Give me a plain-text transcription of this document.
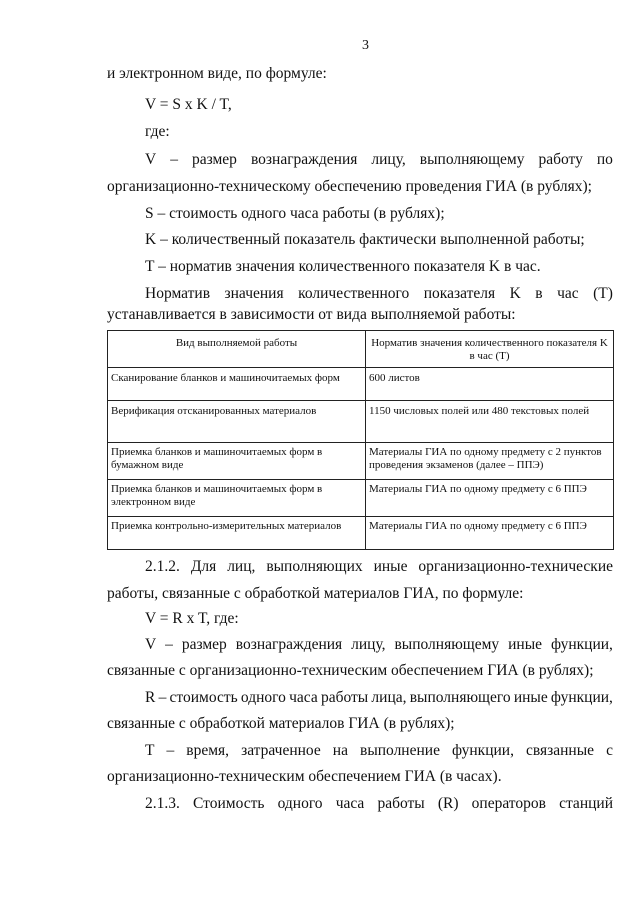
3

и электронном виде, по формуле:

V = S x K / T,

где:

V – размер вознаграждения лицу, выполняющему работу по

организационно-техническому обеспечению проведения ГИА (в рублях);

S – стоимость одного часа работы (в рублях);

K – количественный показатель фактически выполненной работы;

T – норматив значения количественного показателя K в час.

Норматив значения количественного показателя K в час (T)

устанавливается в зависимости от вида выполняемой работы:

Вид выполняемой работы	Норматив значения количественного показателя K в час (T)
Сканирование бланков и машиночитаемых форм	600 листов
Верификация отсканированных материалов	1150 числовых полей или 480 текстовых полей
Приемка бланков и машиночитаемых форм в бумажном виде	Материалы ГИА по одному предмету с 2 пунктов проведения экзаменов (далее – ППЭ)
Приемка бланков и машиночитаемых форм в электронном виде	Материалы ГИА по одному предмету с 6 ППЭ
Приемка контрольно-измерительных материалов	Материалы ГИА по одному предмету с 6 ППЭ
2.1.2. Для лиц, выполняющих иные организационно-технические

работы, связанные с обработкой материалов ГИА, по формуле:

V = R x T, где:

V – размер вознаграждения лицу, выполняющему иные функции,

связанные с организационно-техническим обеспечением ГИА (в рублях);

R – стоимость одного часа работы лица, выполняющего иные функции,

связанные с обработкой материалов ГИА (в рублях);

T – время, затраченное на выполнение функции, связанные с

организационно-техническим обеспечением ГИА (в часах).

2.1.3. Стоимость одного часа работы (R) операторов станций
